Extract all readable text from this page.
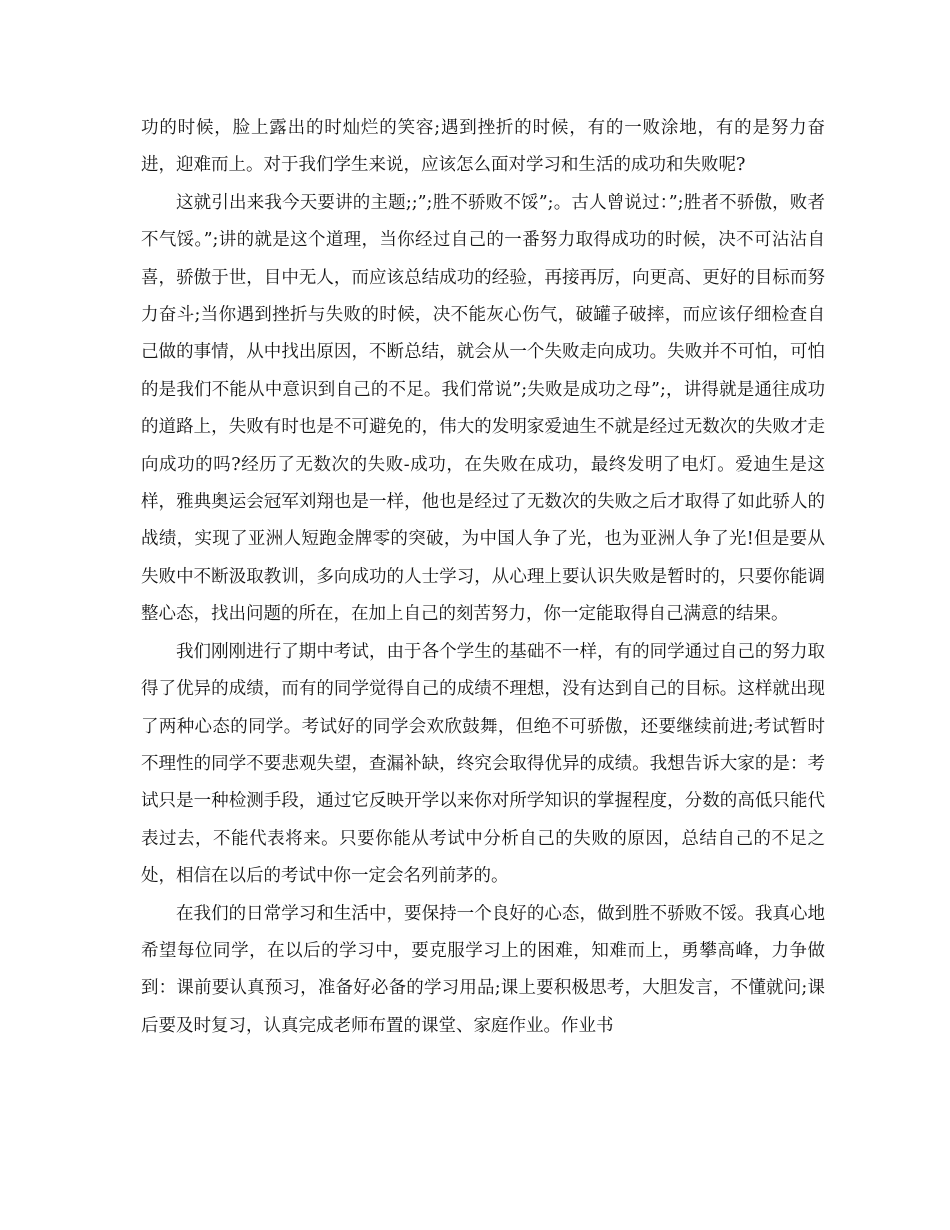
功的时候，脸上露出的时灿烂的笑容;遇到挫折的时候，有的一败涂地，有的是努力奋进，迎难而上。对于我们学生来说，应该怎么面对学习和生活的成功和失败呢?

这就引出来我今天要讲的主题;;”;胜不骄败不馁”;。古人曾说过：”;胜者不骄傲，败者不气馁。”;讲的就是这个道理，当你经过自己的一番努力取得成功的时候，决不可沾沾自喜，骄傲于世，目中无人，而应该总结成功的经验，再接再厉，向更高、更好的目标而努力奋斗;当你遇到挫折与失败的时候，决不能灰心伤气，破罐子破摔，而应该仔细检查自己做的事情，从中找出原因，不断总结，就会从一个失败走向成功。失败并不可怕，可怕的是我们不能从中意识到自己的不足。我们常说”;失败是成功之母”;，讲得就是通往成功的道路上，失败有时也是不可避免的，伟大的发明家爱迪生不就是经过无数次的失败才走向成功的吗?经历了无数次的失败-成功，在失败在成功，最终发明了电灯。爱迪生是这样，雅典奥运会冠军刘翔也是一样，他也是经过了无数次的失败之后才取得了如此骄人的战绩，实现了亚洲人短跑金牌零的突破，为中国人争了光，也为亚洲人争了光!但是要从失败中不断汲取教训，多向成功的人士学习，从心理上要认识失败是暂时的，只要你能调整心态，找出问题的所在，在加上自己的刻苦努力，你一定能取得自己满意的结果。

我们刚刚进行了期中考试，由于各个学生的基础不一样，有的同学通过自己的努力取得了优异的成绩，而有的同学觉得自己的成绩不理想，没有达到自己的目标。这样就出现了两种心态的同学。考试好的同学会欢欣鼓舞，但绝不可骄傲，还要继续前进;考试暂时不理性的同学不要悲观失望，查漏补缺，终究会取得优异的成绩。我想告诉大家的是：考试只是一种检测手段，通过它反映开学以来你对所学知识的掌握程度，分数的高低只能代表过去，不能代表将来。只要你能从考试中分析自己的失败的原因，总结自己的不足之处，相信在以后的考试中你一定会名列前茅的。

在我们的日常学习和生活中，要保持一个良好的心态，做到胜不骄败不馁。我真心地希望每位同学，在以后的学习中，要克服学习上的困难，知难而上，勇攀高峰，力争做到：课前要认真预习，准备好必备的学习用品;课上要积极思考，大胆发言，不懂就问;课后要及时复习，认真完成老师布置的课堂、家庭作业。作业书
